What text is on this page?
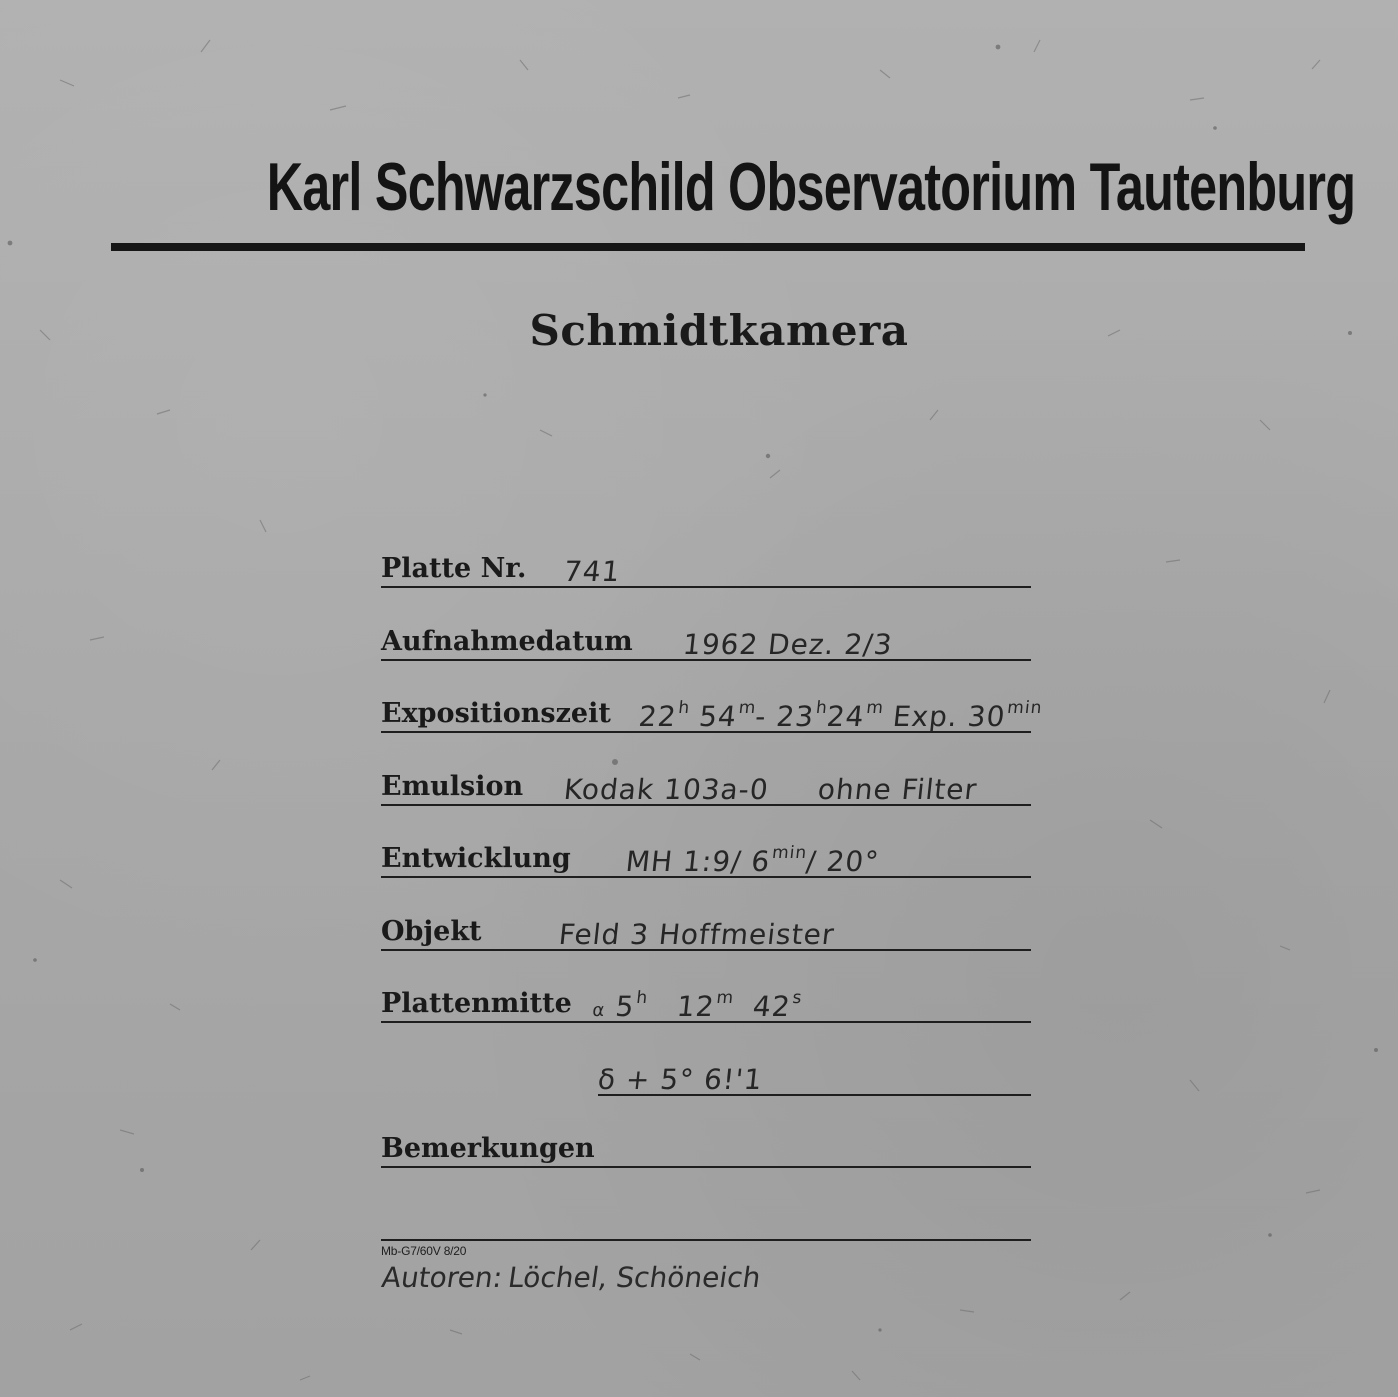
Karl Schwarzschild Observatorium Tautenburg
Schmidtkamera
Platte Nr. 741
Aufnahmedatum 1962 Dez. 2/3
Expositionszeit 22$^h$ 54$^m$- 23$^h$24$^m$ Exp. $30^{min}$
Emulsion Kodak 103a-0 ohne Filter
Entwicklung MH 1:9/ $6^{min}/$ 20°
Objekt	Feld 3 Hoffmeister
Plattenmitte α 5$^h$ 12$^m$ 42$^s$
δ + 5° 6!'1
Bemerkungen
Mb-G7/60V 8/20
Autoren:Löchel, Schöneich
